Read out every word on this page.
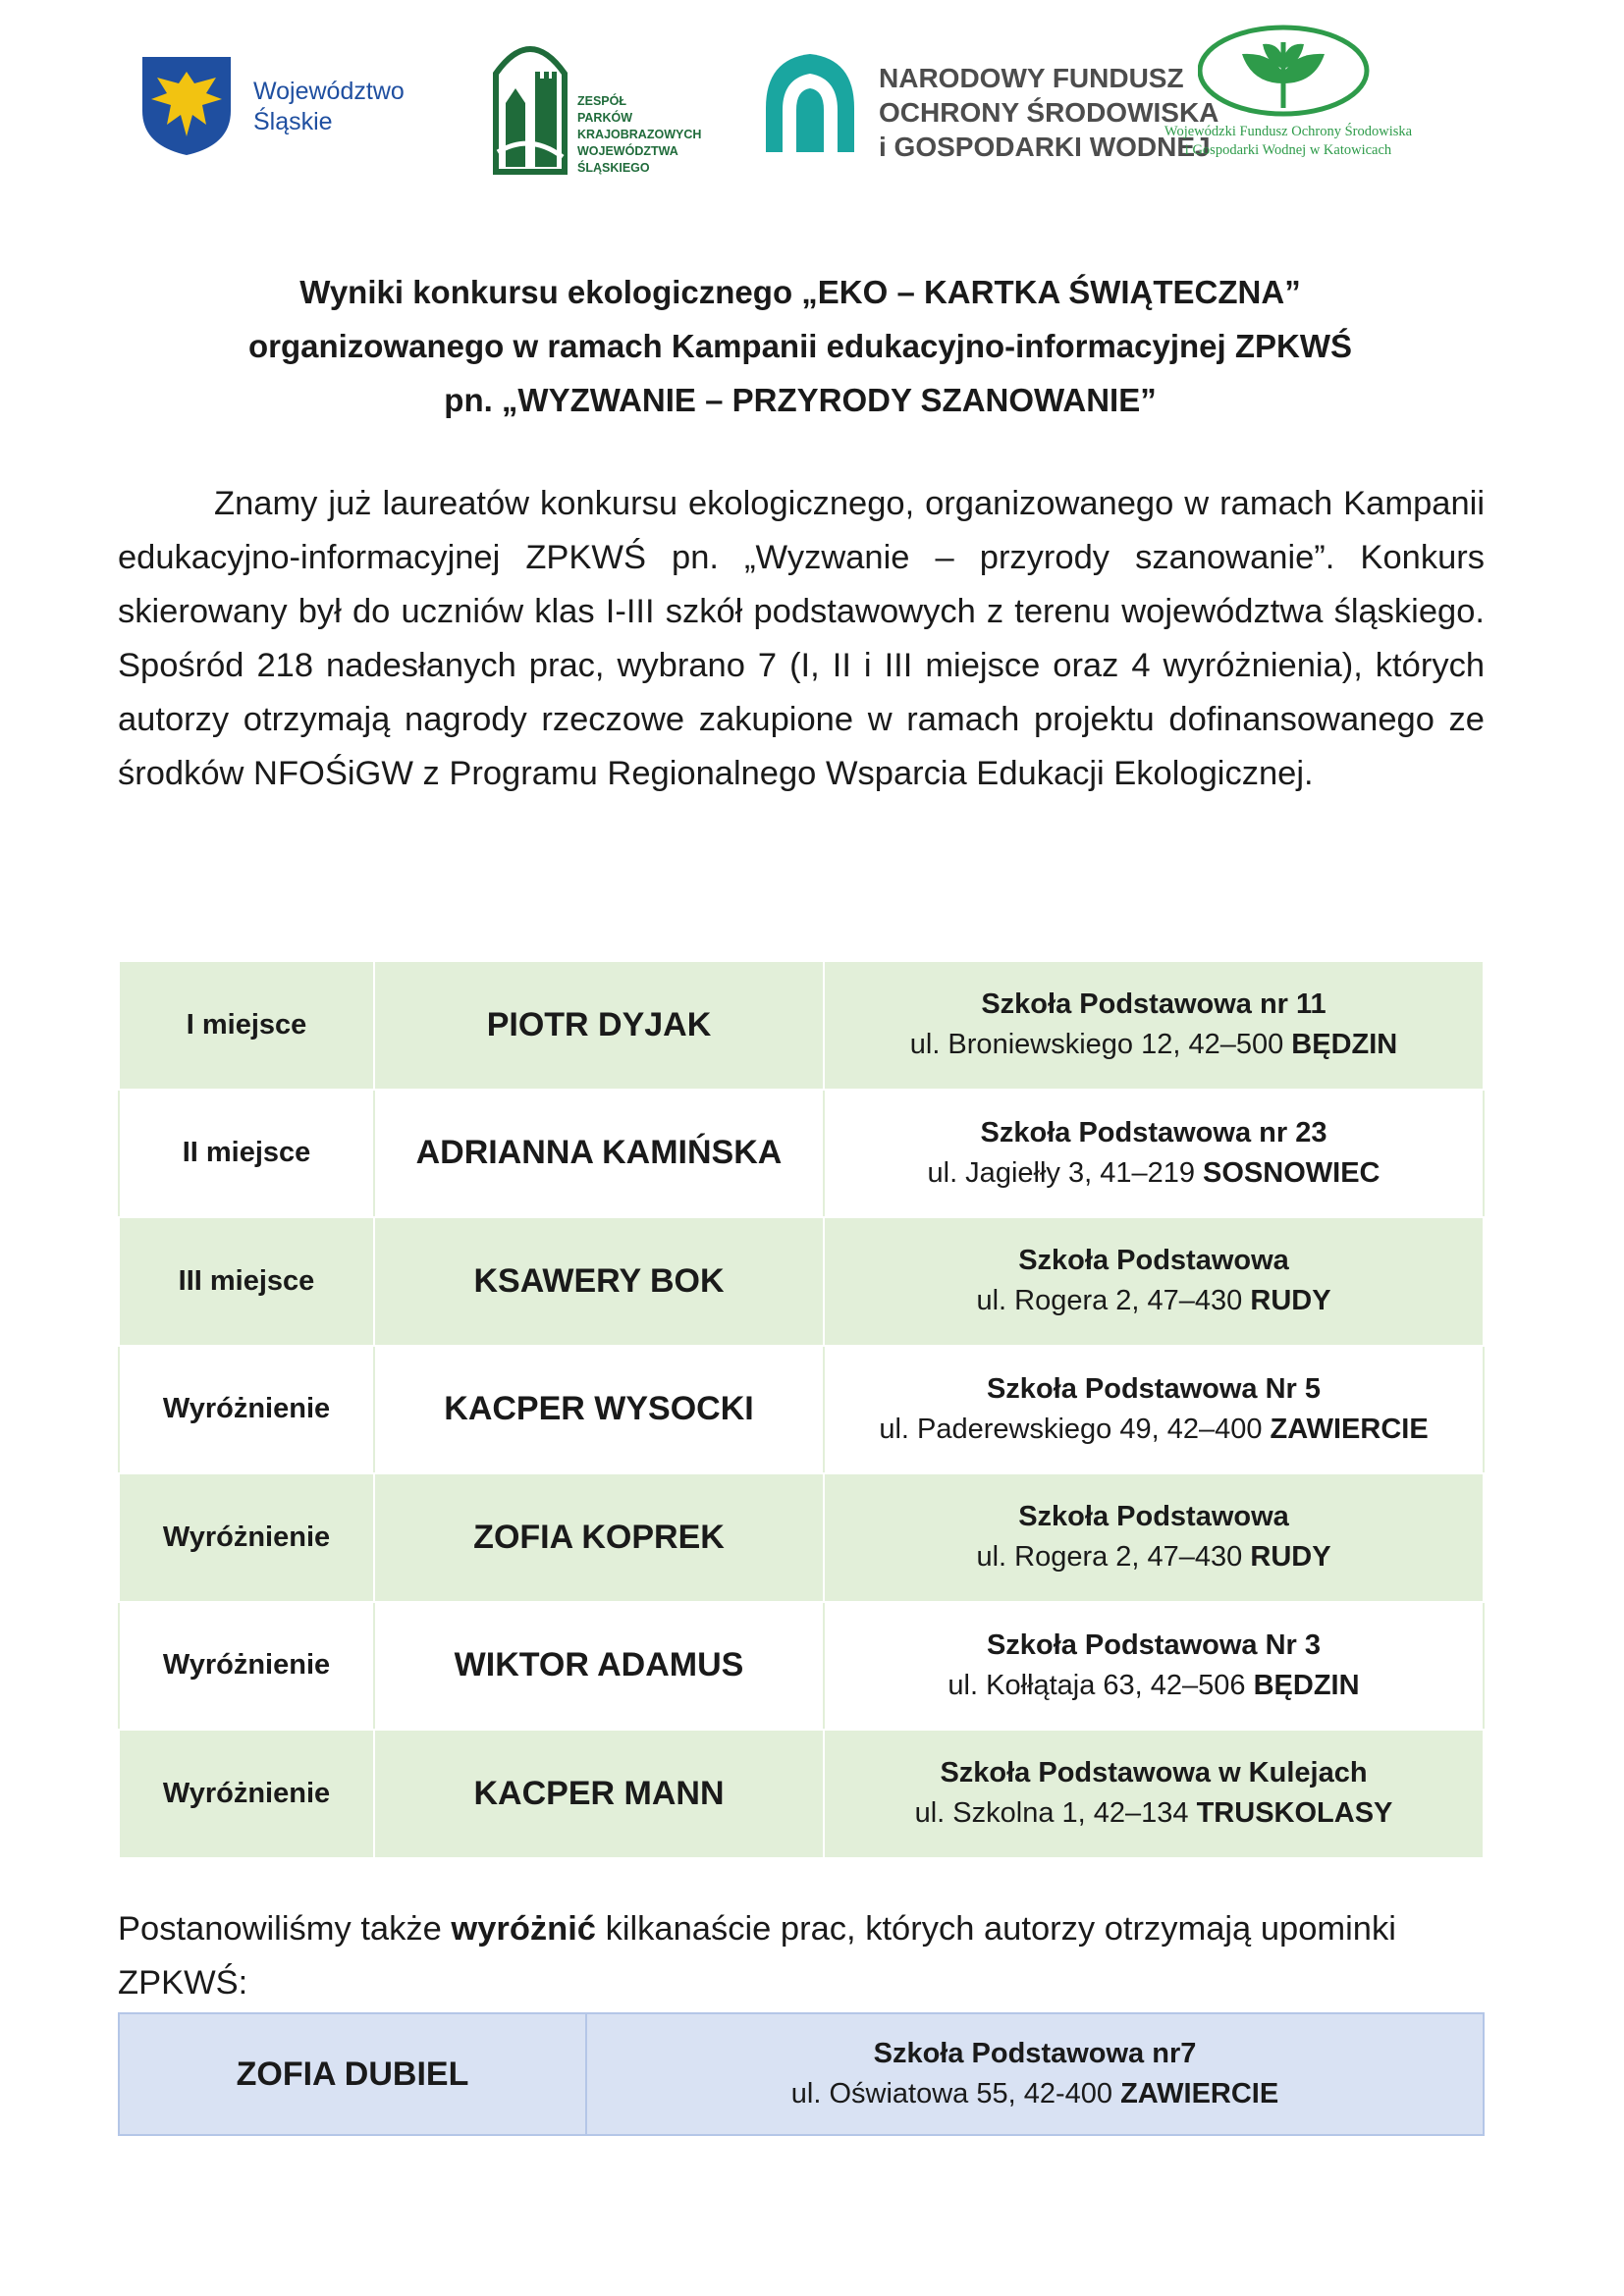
Województwo
Śląskie
ZESPÓŁ
PARKÓW
KRAJOBRAZOWYCH
WOJEWÓDZTWA
ŚLĄSKIEGO
NARODOWY FUNDUSZ
OCHRONY ŚRODOWISKA
i GOSPODARKI WODNEJ
Wojewódzki Fundusz Ochrony Środowiska
i Gospodarki Wodnej w Katowicach
Wyniki konkursu ekologicznego „EKO – KARTKA ŚWIĄTECZNA”
organizowanego w ramach Kampanii edukacyjno-informacyjnej ZPKWŚ
pn. „WYZWANIE – PRZYRODY SZANOWANIE”

Znamy już laureatów konkursu ekologicznego, organizowanego w ramach Kampanii edukacyjno-informacyjnej ZPKWŚ pn. „Wyzwanie – przyrody szanowanie”. Konkurs skierowany był do uczniów klas I-III szkół podstawowych z terenu województwa śląskiego. Spośród 218 nadesłanych prac, wybrano 7 (I, II i III miejsce oraz 4 wyróżnienia), których autorzy otrzymają nagrody rzeczowe zakupione w ramach projektu dofinansowanego ze środków NFOŚiGW z Programu Regionalnego Wsparcia Edukacji Ekologicznej.

I miejsce	PIOTR DYJAK	Szkoła Podstawowa nr 11
ul. Broniewskiego 12, 42–500 BĘDZIN
II miejsce	ADRIANNA KAMIŃSKA	Szkoła Podstawowa nr 23
ul. Jagiełły 3, 41–219 SOSNOWIEC
III miejsce	KSAWERY BOK	Szkoła Podstawowa
ul. Rogera 2, 47–430 RUDY
Wyróżnienie	KACPER WYSOCKI	Szkoła Podstawowa Nr 5
ul. Paderewskiego 49, 42–400 ZAWIERCIE
Wyróżnienie	ZOFIA KOPREK	Szkoła Podstawowa
ul. Rogera 2, 47–430 RUDY
Wyróżnienie	WIKTOR ADAMUS	Szkoła Podstawowa Nr 3
ul. Kołłątaja 63, 42–506 BĘDZIN
Wyróżnienie	KACPER MANN	Szkoła Podstawowa w Kulejach
ul. Szkolna 1, 42–134 TRUSKOLASY
Postanowiliśmy także wyróżnić kilkanaście prac, których autorzy otrzymają upominki ZPKWŚ:
ZOFIA DUBIEL	
Szkoła Podstawowa nr7
ul. Oświatowa 55, 42-400 ZAWIERCIE
